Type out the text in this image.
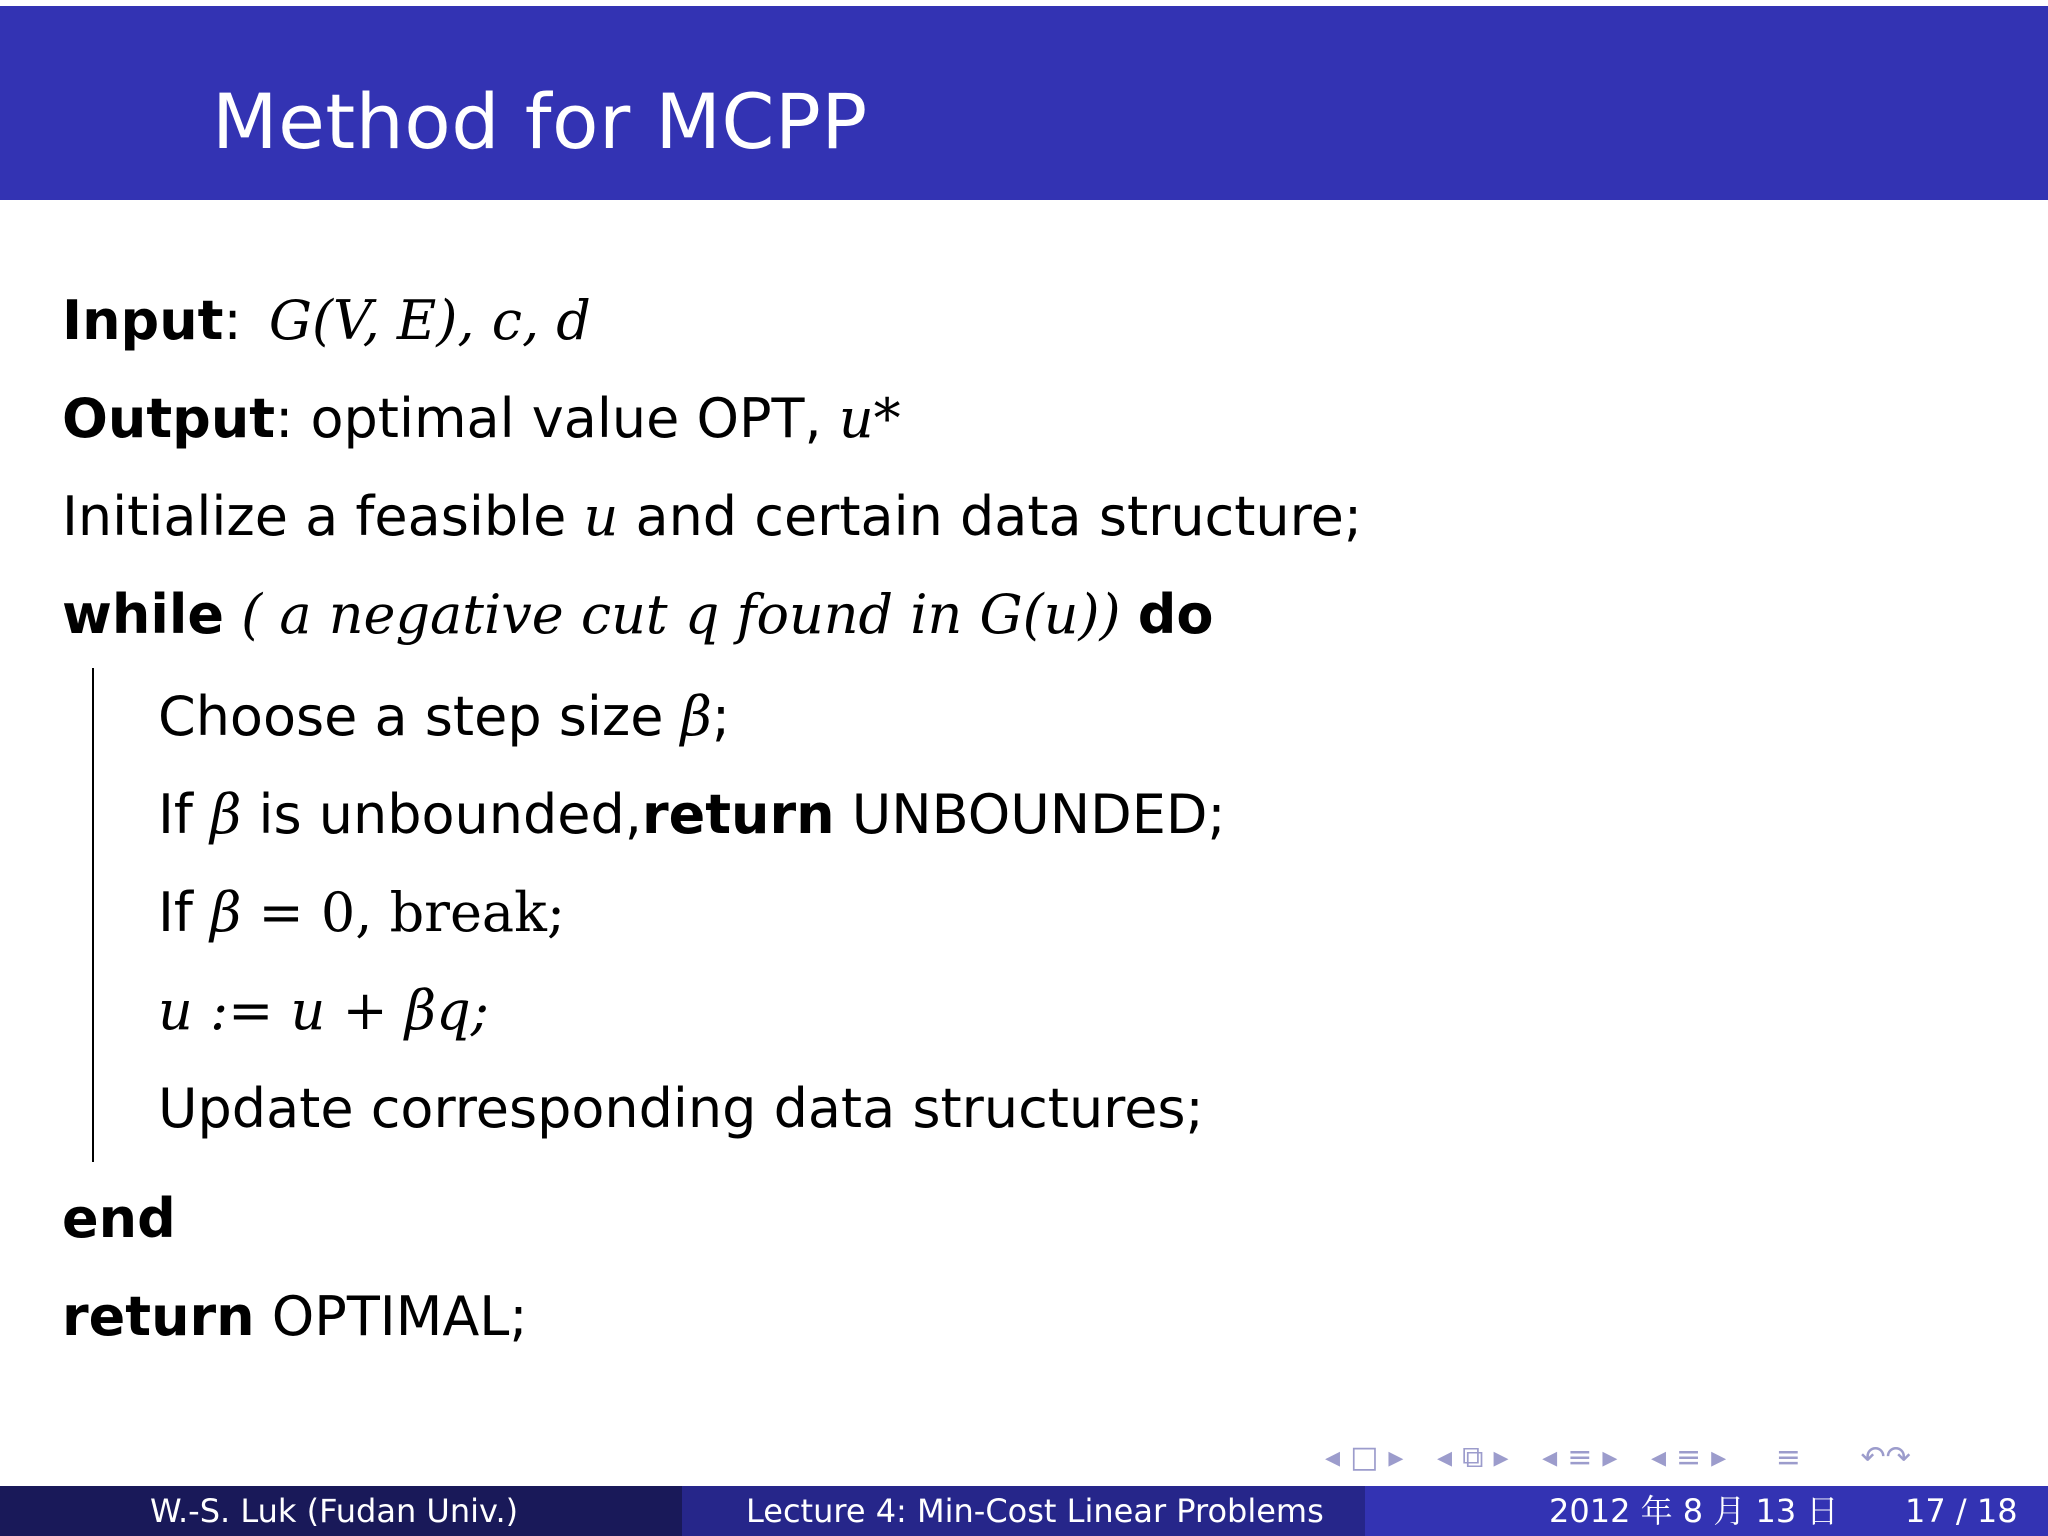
Method for MCPP
Input: G(V, E), c, d
Output: optimal value OPT, u*
Initialize a feasible u and certain data structure;
while ( a negative cut q found in G(u)) do
Choose a step size β;
If β is unbounded,return UNBOUNDED;
If β = 0, break;
u := u + βq;
Update corresponding data structures;
end
return OPTIMAL;
◂ □ ▸ ◂ ⧉ ▸ ◂ ≡ ▸ ◂ ≡ ▸ ≡ ↶↷
W.-S. Luk (Fudan Univ.)	Lecture 4: Min-Cost Linear Problems	2012 年 8 月 13 日 17 / 18
